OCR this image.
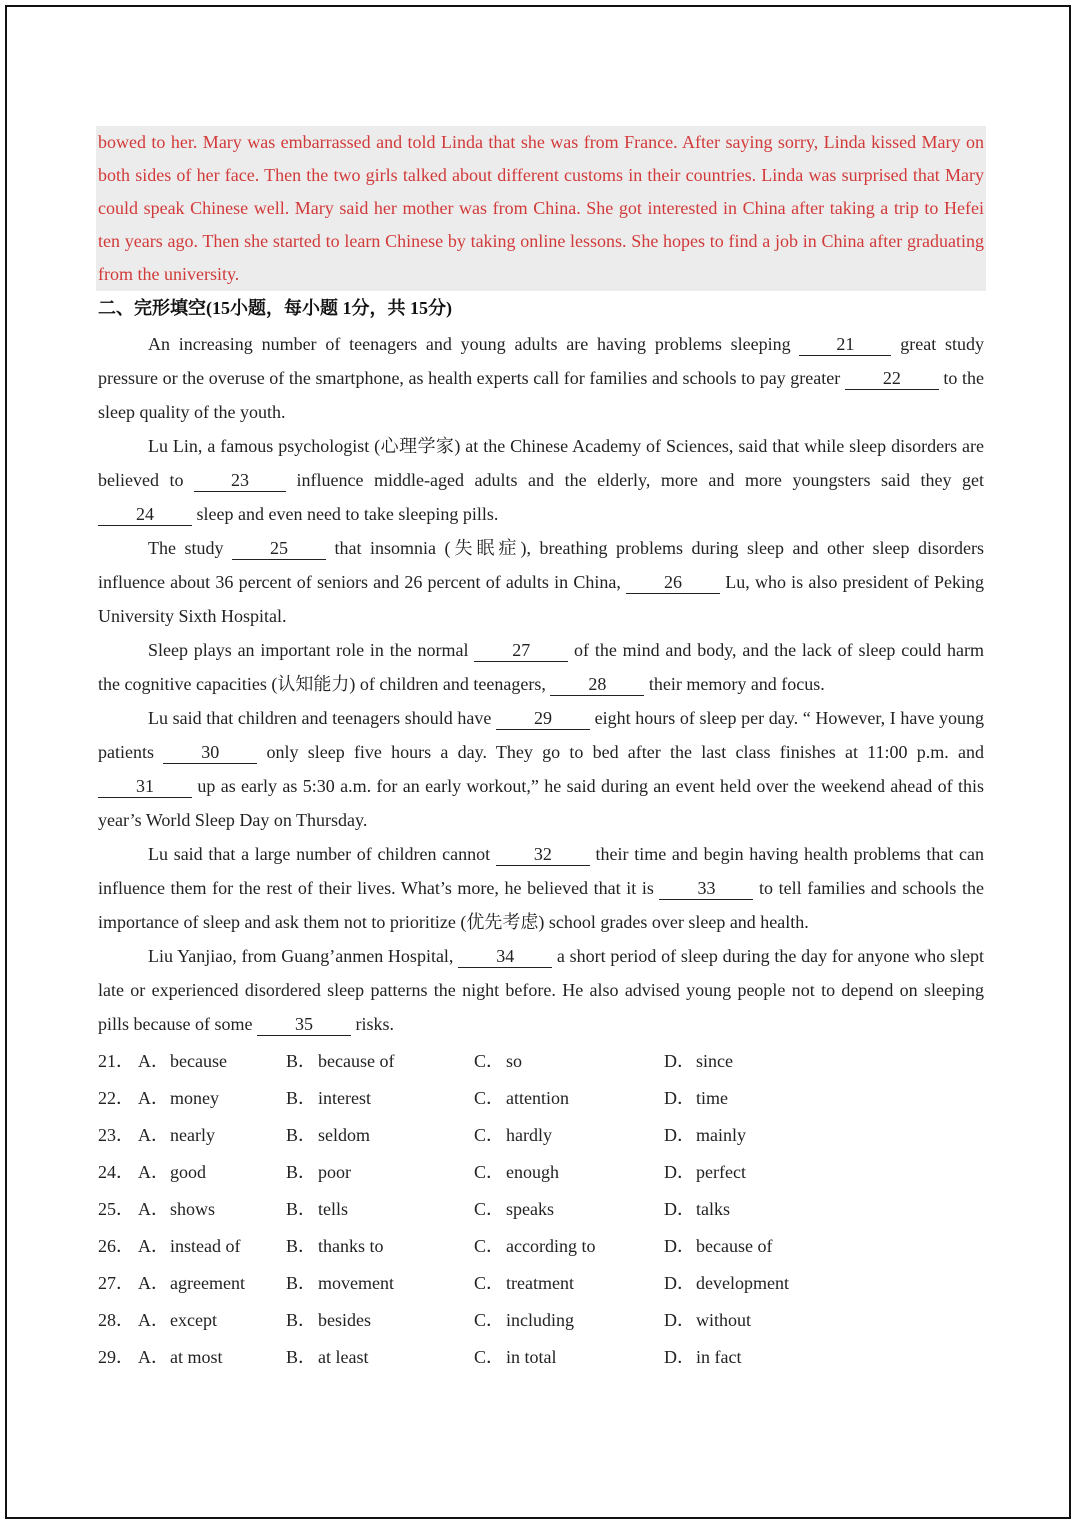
bowed to her. Mary was embarrassed and told Linda that she was from France. After saying sorry, Linda kissed Mary on both sides of her face. Then the two girls talked about different customs in their countries. Linda was surprised that Mary could speak Chinese well. Mary said her mother was from China. She got interested in China after taking a trip to Hefei ten years ago. Then she started to learn Chinese by taking online lessons. She hopes to find a job in China after graduating from the university.

二、完形填空(15小题，每小题 1分，共 15分)

An increasing number of teenagers and young adults are having problems sleeping 21 great study pressure or the overuse of the smartphone, as health experts call for families and schools to pay greater 22 to the sleep quality of the youth.

Lu Lin, a famous psychologist (心理学家) at the Chinese Academy of Sciences, said that while sleep disorders are believed to 23 influence middle-aged adults and the elderly, more and more youngsters said they get 24 sleep and even need to take sleeping pills.

The study 25 that insomnia (失眠症), breathing problems during sleep and other sleep disorders influence about 36 percent of seniors and 26 percent of adults in China, 26 Lu, who is also president of Peking University Sixth Hospital.

Sleep plays an important role in the normal 27 of the mind and body, and the lack of sleep could harm the cognitive capacities (认知能力) of children and teenagers, 28 their memory and focus.

Lu said that children and teenagers should have 29 eight hours of sleep per day. “ However, I have young patients 30 only sleep five hours a day. They go to bed after the last class finishes at 11:00 p.m. and 31 up as early as 5:30 a.m. for an early workout,” he said during an event held over the weekend ahead of this year’s World Sleep Day on Thursday.

Lu said that a large number of children cannot 32 their time and begin having health problems that can influence them for the rest of their lives. What’s more, he believed that it is 33 to tell families and schools the importance of sleep and ask them not to prioritize (优先考虑) school grades over sleep and health.

Liu Yanjiao, from Guang’anmen Hospital, 34 a short period of sleep during the day for anyone who slept late or experienced disordered sleep patterns the night before. He also advised young people not to depend on sleeping pills because of some 35 risks.

21． A．because	B． because of	C． so	D．since
22． A．money	B． interest	C． attention	D．time
23． A．nearly	B． seldom	C． hardly	D．mainly
24． A．good	B． poor	C． enough	D．perfect
25． A．shows	B． tells	C． speaks	D．talks
26． A．instead of	B． thanks to	C． according to	D．because of
27． A．agreement	B． movement	C． treatment	D．development
28． A．except	B． besides	C． including	D．without
29． A．at most	B． at least	C． in total	D．in fact
